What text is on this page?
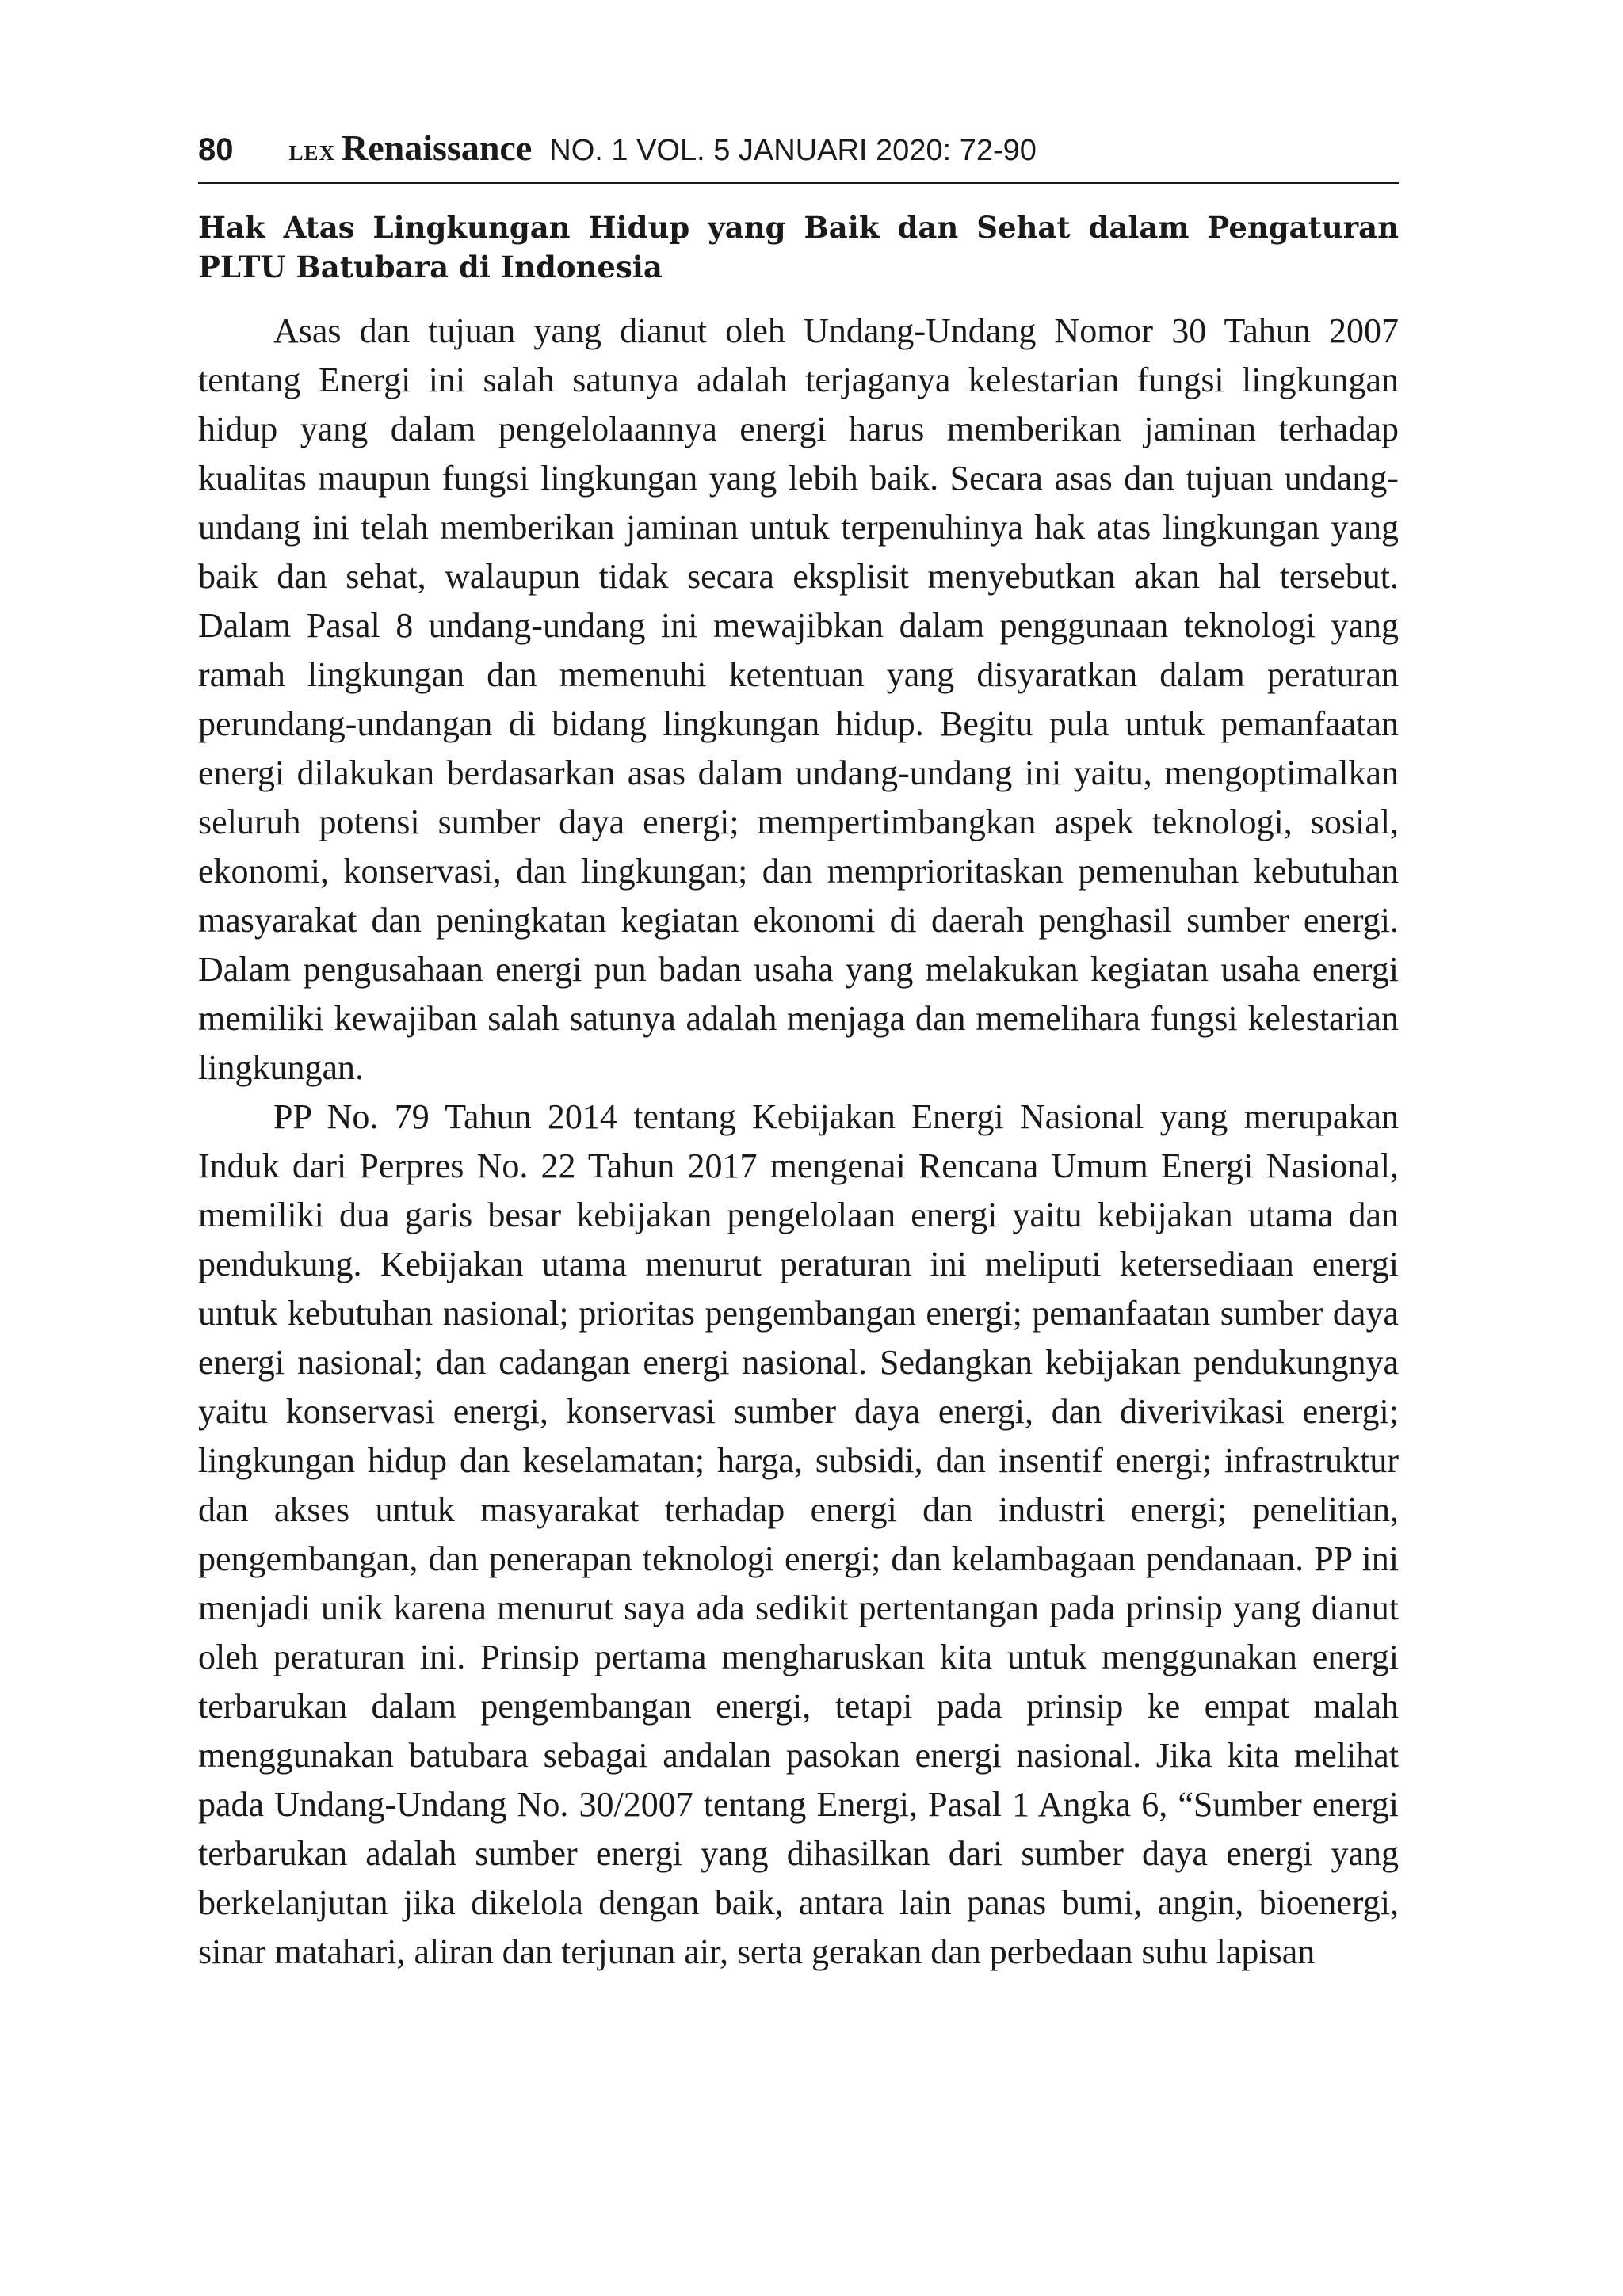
80	LEX Renaissance NO. 1 VOL. 5 JANUARI 2020: 72-90
Hak Atas Lingkungan Hidup yang Baik dan Sehat dalam Pengaturan PLTU Batubara di Indonesia

Asas dan tujuan yang dianut oleh Undang-Undang Nomor 30 Tahun 2007 tentang Energi ini salah satunya adalah terjaganya kelestarian fungsi lingkungan hidup yang dalam pengelolaannya energi harus memberikan jaminan terhadap kualitas maupun fungsi lingkungan yang lebih baik. Secara asas dan tujuan undang-undang ini telah memberikan jaminan untuk terpenuhinya hak atas lingkungan yang baik dan sehat, walaupun tidak secara eksplisit menyebutkan akan hal tersebut. Dalam Pasal 8 undang-undang ini mewajibkan dalam penggunaan teknologi yang ramah lingkungan dan memenuhi ketentuan yang disyaratkan dalam peraturan perundang-undangan di bidang lingkungan hidup. Begitu pula untuk pemanfaatan energi dilakukan berdasarkan asas dalam undang-undang ini yaitu, mengoptimalkan seluruh potensi sumber daya energi; mempertimbangkan aspek teknologi, sosial, ekonomi, konservasi, dan lingkungan; dan memprioritaskan pemenuhan kebutuhan masyarakat dan peningkatan kegiatan ekonomi di daerah penghasil sumber energi. Dalam pengusahaan energi pun badan usaha yang melakukan kegiatan usaha energi memiliki kewajiban salah satunya adalah menjaga dan memelihara fungsi kelestarian lingkungan.

PP No. 79 Tahun 2014 tentang Kebijakan Energi Nasional yang merupakan Induk dari Perpres No. 22 Tahun 2017 mengenai Rencana Umum Energi Nasional, memiliki dua garis besar kebijakan pengelolaan energi yaitu kebijakan utama dan pendukung. Kebijakan utama menurut peraturan ini meliputi ketersediaan energi untuk kebutuhan nasional; prioritas pengembangan energi; pemanfaatan sumber daya energi nasional; dan cadangan energi nasional. Sedangkan kebijakan pendukungnya yaitu konservasi energi, konservasi sumber daya energi, dan diverivikasi energi; lingkungan hidup dan keselamatan; harga, subsidi, dan insentif energi; infrastruktur dan akses untuk masyarakat terhadap energi dan industri energi; penelitian, pengembangan, dan penerapan teknologi energi; dan kelambagaan pendanaan. PP ini menjadi unik karena menurut saya ada sedikit pertentangan pada prinsip yang dianut oleh peraturan ini. Prinsip pertama mengharuskan kita untuk menggunakan energi terbarukan dalam pengembangan energi, tetapi pada prinsip ke empat malah menggunakan batubara sebagai andalan pasokan energi nasional. Jika kita melihat pada Undang-Undang No. 30/2007 tentang Energi, Pasal 1 Angka 6, “Sumber energi terbarukan adalah sumber energi yang dihasilkan dari sumber daya energi yang berkelanjutan jika dikelola dengan baik, antara lain panas bumi, angin, bioenergi, sinar matahari, aliran dan terjunan air, serta gerakan dan perbedaan suhu lapisan
